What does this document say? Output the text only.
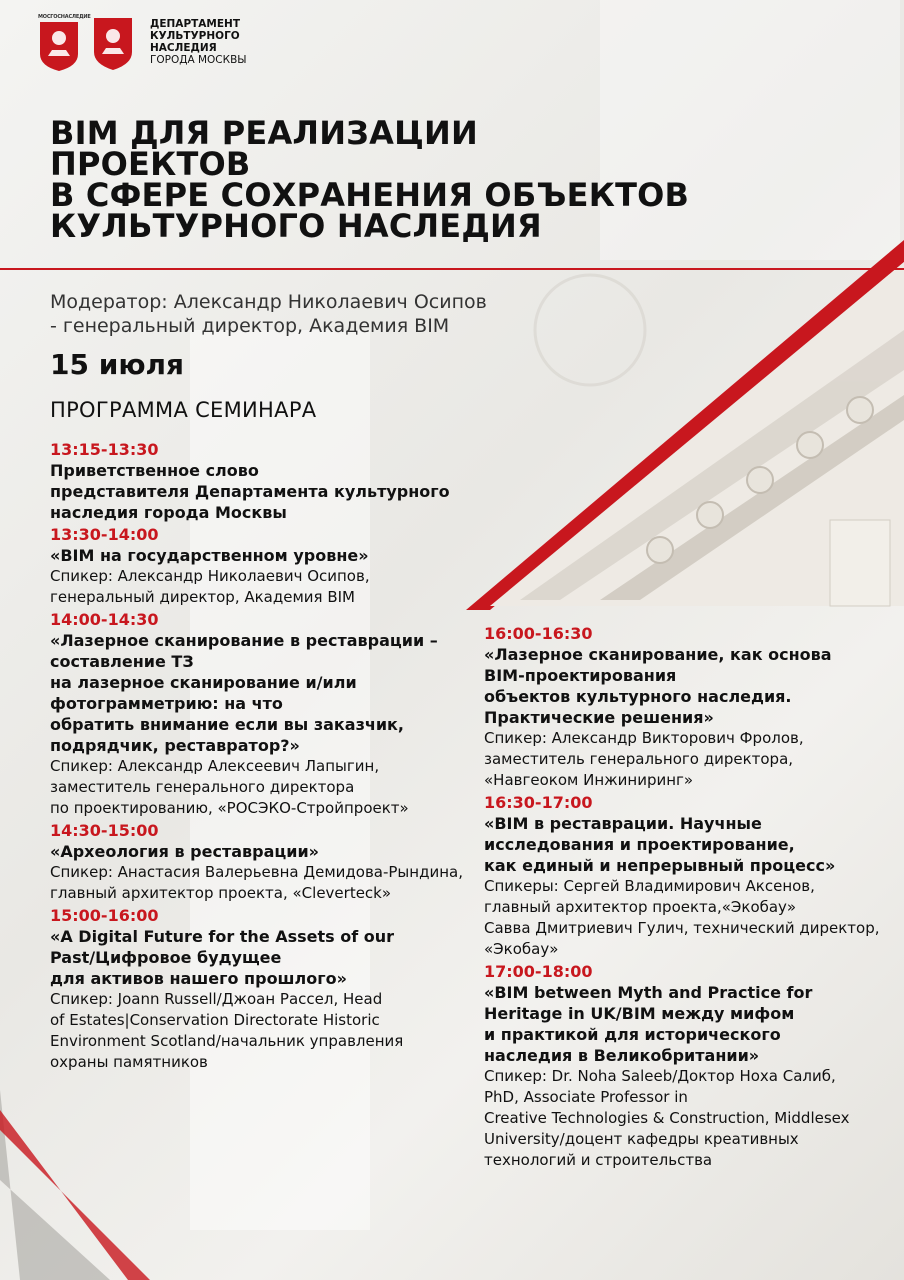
МОСГОСНАСЛЕДИЕ
ДЕПАРТАМЕНТ
КУЛЬТУРНОГО
НАСЛЕДИЯ
ГОРОДА МОСКВЫ
BIM ДЛЯ РЕАЛИЗАЦИИ
ПРОЕКТОВ
В СФЕРЕ СОХРАНЕНИЯ ОБЪЕКТОВ
КУЛЬТУРНОГО НАСЛЕДИЯ
Модератор: Александр Николаевич Осипов
- генеральный директор, Академия BIM
15 июля
ПРОГРАММА СЕМИНАРА
13:15-13:30
Приветственное слово
представителя Департамента культурного
наследия города Москвы
13:30-14:00
«BIM на государственном уровне»
Спикер: Александр Николаевич Осипов,
генеральный директор, Академия BIM
14:00-14:30
«Лазерное сканирование в реставрации –
составление ТЗ
на лазерное сканирование и/или
фотограмметрию: на что
обратить внимание если вы заказчик,
подрядчик, реставратор?»
Спикер: Александр Алексеевич Лапыгин,
заместитель генерального директора
по проектированию, «РОСЭКО-Стройпроект»
14:30-15:00
«Археология в реставрации»
Спикер: Анастасия Валерьевна Демидова-Рындина,
главный архитектор проекта, «Cleverteck»
15:00-16:00
«A Digital Future for the Assets of our
Past/Цифровое будущее
для активов нашего прошлого»
Спикер: Joann Russell/Джоан Рассел, Head
of Estates|Conservation Directorate Historic
Environment Scotland/начальник управления
охраны памятников
16:00-16:30
«Лазерное сканирование, как основа
BIM-проектирования
объектов культурного наследия.
Практические решения»
Спикер: Александр Викторович Фролов,
заместитель генерального директора,
«Навгеоком Инжиниринг»
16:30-17:00
«BIM в реставрации. Научные
исследования и проектирование,
как единый и непрерывный процесс»
Спикеры: Сергей Владимирович Аксенов,
главный архитектор проекта,«Экобау»
Савва Дмитриевич Гулич, технический директор,
«Экобау»
17:00-18:00
«BIM between Myth and Practice for
Heritage in UK/BIM между мифом
и практикой для исторического
наследия в Великобритании»
Спикер: Dr. Noha Saleeb/Доктор Ноха Салиб,
PhD, Associate Professor in
Creative Technologies & Construction, Middlesex
University/доцент кафедры креативных
технологий и строительства
